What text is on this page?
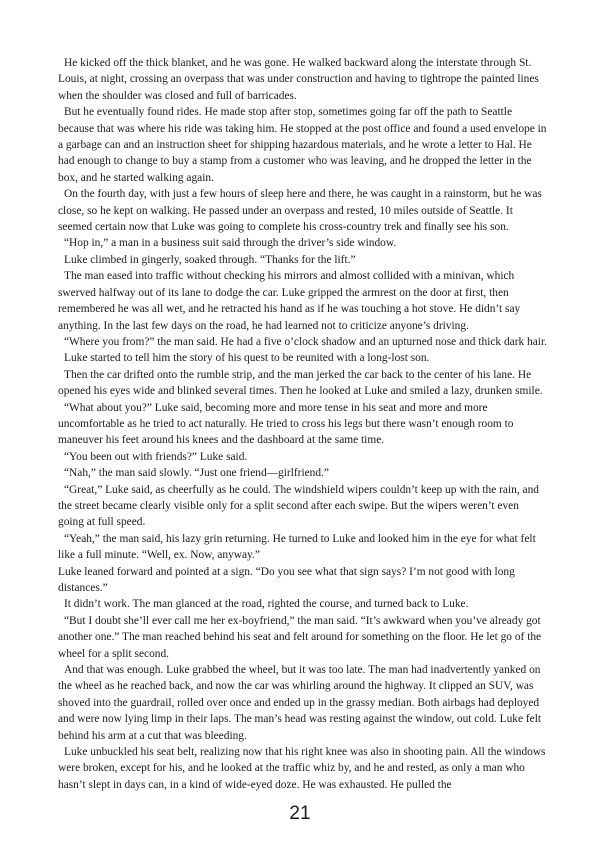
He kicked off the thick blanket, and he was gone. He walked backward along the interstate through St. Louis, at night, crossing an overpass that was under construction and having to tightrope the painted lines when the shoulder was closed and full of barricades.

But he eventually found rides. He made stop after stop, sometimes going far off the path to Seattle because that was where his ride was taking him. He stopped at the post office and found a used envelope in a garbage can and an instruction sheet for shipping hazardous materials, and he wrote a letter to Hal. He had enough to change to buy a stamp from a customer who was leaving, and he dropped the letter in the box, and he started walking again.

On the fourth day, with just a few hours of sleep here and there, he was caught in a rainstorm, but he was close, so he kept on walking. He passed under an overpass and rested, 10 miles outside of Seattle. It seemed certain now that Luke was going to complete his cross-country trek and finally see his son.

“Hop in,” a man in a business suit said through the driver’s side window.

Luke climbed in gingerly, soaked through. “Thanks for the lift.”

The man eased into traffic without checking his mirrors and almost collided with a minivan, which swerved halfway out of its lane to dodge the car. Luke gripped the armrest on the door at first, then remembered he was all wet, and he retracted his hand as if he was touching a hot stove. He didn’t say anything. In the last few days on the road, he had learned not to criticize anyone’s driving.

“Where you from?” the man said. He had a five o’clock shadow and an upturned nose and thick dark hair.

Luke started to tell him the story of his quest to be reunited with a long-lost son.

Then the car drifted onto the rumble strip, and the man jerked the car back to the center of his lane. He opened his eyes wide and blinked several times. Then he looked at Luke and smiled a lazy, drunken smile.

“What about you?” Luke said, becoming more and more tense in his seat and more and more uncomfortable as he tried to act naturally. He tried to cross his legs but there wasn’t enough room to maneuver his feet around his knees and the dashboard at the same time.

“You been out with friends?” Luke said.

“Nah,” the man said slowly. “Just one friend—girlfriend.”

“Great,” Luke said, as cheerfully as he could. The windshield wipers couldn’t keep up with the rain, and the street became clearly visible only for a split second after each swipe. But the wipers weren’t even going at full speed.

“Yeah,” the man said, his lazy grin returning. He turned to Luke and looked him in the eye for what felt like a full minute. “Well, ex. Now, anyway.”

Luke leaned forward and pointed at a sign. “Do you see what that sign says? I’m not good with long distances.”

It didn’t work. The man glanced at the road, righted the course, and turned back to Luke.

“But I doubt she’ll ever call me her ex-boyfriend,” the man said. “It’s awkward when you’ve already got another one.” The man reached behind his seat and felt around for something on the floor. He let go of the wheel for a split second.

And that was enough. Luke grabbed the wheel, but it was too late. The man had inadvertently yanked on the wheel as he reached back, and now the car was whirling around the highway. It clipped an SUV, was shoved into the guardrail, rolled over once and ended up in the grassy median. Both airbags had deployed and were now lying limp in their laps. The man’s head was resting against the window, out cold. Luke felt behind his arm at a cut that was bleeding.

Luke unbuckled his seat belt, realizing now that his right knee was also in shooting pain. All the windows were broken, except for his, and he looked at the traffic whiz by, and he and rested, as only a man who hasn’t slept in days can, in a kind of wide-eyed doze. He was exhausted. He pulled the

21
